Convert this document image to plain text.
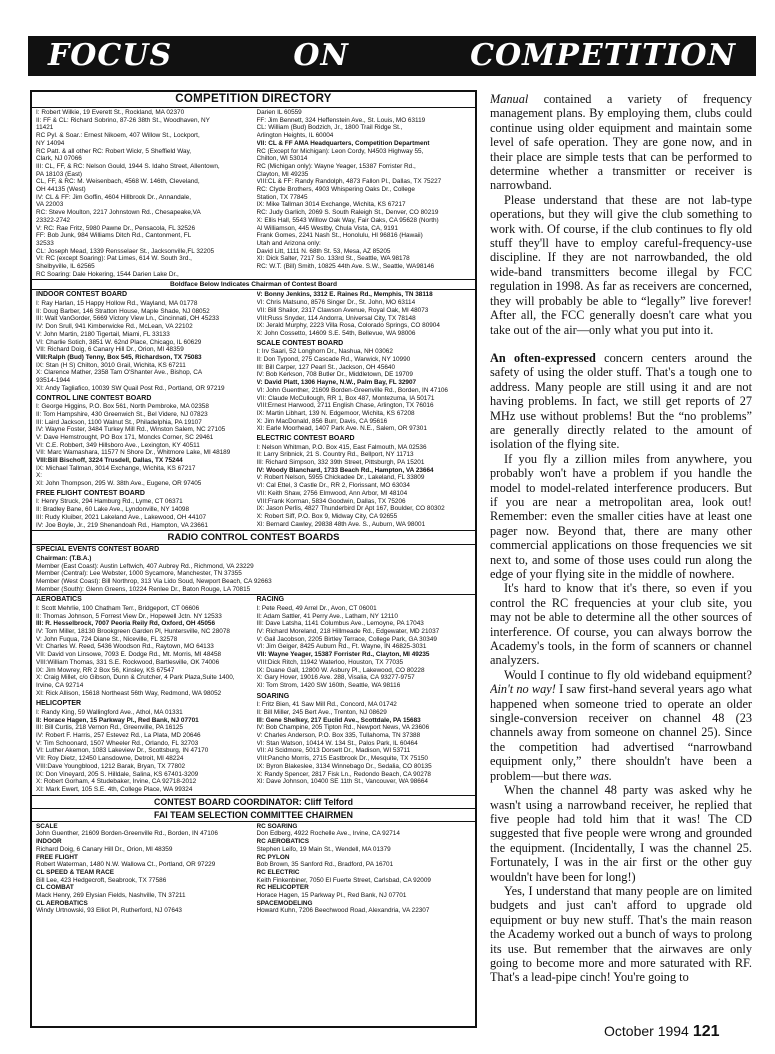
FOCUS	ON	COMPETITION
COMPETITION DIRECTORY
I: Robert Wilkie, 19 Everett St., Rockland, MA 02370
II: FF & CL: Richard Sobrino, 87-26 38th St., Woodhaven, NY
11421
RC Pyl. & Soar.: Ernest Nikoem, 407 Willow St., Lockport,
NY 14094
RC Patt. & all other RC: Robert Wickr, 5 Sheffield Way,
Clark, NJ 07066
III: CL, FF, & RC: Nelson Gould, 1944 S. Idaho Street, Allentown,
PA 18103 (East)
CL, FF, & RC: M. Weisenbach, 4568 W. 146th, Cleveland,
OH 44135 (West)
IV: CL & FF: Jim Goffin, 4604 Hillbrook Dr., Annandale,
VA 22003
RC: Steve Moulton, 2217 Johnstown Rd., Chesapeake,VA
23322-2742
V: RC: Rae Fritz, 5980 Pawne Dr., Pensacola, FL 32526
FF: Bob Junk, 984 Williams Ditch Rd., Cantonment, FL
32533
CL: Joseph Mead, 1339 Rensselaer St., Jacksonville,FL 32205
VI: RC (except Soaring): Pat Limes, 614 W. South 3rd.,
Shelbyville, IL 62565
RC Soaring: Dale Hokering, 1544 Darien Lake Dr.,
Darien IL 60559
FF: Jim Bennett, 324 Heffenstein Ave., St. Louis, MO 63119
CL: William (Bud) Bodzich, Jr., 1800 Trail Ridge St.,
Arlington Heights, IL 60004
VII: CL & FF AMA Headquarters, Competition Department
RC (Except for Michigan): Leon Cordy, N4503 Highway 55,
Chilton, WI 53014
RC (Michigan only): Wayne Yeager, 15387 Forrister Rd.,
Clayton, MI 49235
VIII:CL & FF: Randy Randolph, 4873 Fallon Pl., Dallas, TX 75227
RC: Clyde Brothers, 4903 Whispering Oaks Dr., College
Station, TX 77845
IX: Mike Tallman 3014 Exchange, Wichita, KS 67217
RC: Judy Garlich, 2069 S. South Raleigh St., Denver, CO 80219
X: Ellis Hall, 5543 Willow Oak Way, Fair Oaks, CA 95628 (North)
Al Williamson, 445 Westby, Chula Vista, CA, 9191
Frank Gomes, 2241 Nash St., Honolulu, HI 96816 (Hawaii)
Utah and Arizona only:
David Litt, 1111 N. 68th St. 53, Mesa, AZ 85205
XI: Dick Salter, 7217 So. 133rd St., Seattle, WA 98178
RC: W.T. (Bill) Smith, 10825 44th Ave. S.W., Seattle, WA98146
Boldface Below Indicates Chairman of Contest Board
INDOOR CONTEST BOARD
I: Ray Harlan, 15 Happy Hollow Rd., Wayland, MA 01778
II: Doug Barber, 146 Stratton House, Maple Shade, NJ 08052
III: Walt VanGorder, 5669 Victory View Ln., Cincinnati, OH 45233
IV: Don Srull, 941 Kimberwicke Rd., McLean, VA 22102
V: John Martin, 2180 Tigertail, Miami, FL 33133
VI: Charlie Sotich, 3851 W. 62nd Place, Chicago, IL 60629
VII: Richard Doig, 6 Canary Hill Dr., Orion, MI 48359
VIII:Ralph (Bud) Tenny, Box 545, Richardson, TX 75083
IX: Stan (H S) Chilton, 3010 Grail, Wichita, KS 67211
X: Clarence Mather, 2358 Tam O'Shanter Ave., Bishop, CA
93514-1944
XI: Andy Tagliafico, 10039 SW Quail Post Rd., Portland, OR 97219
CONTROL LINE CONTEST BOARD
I: George Higgins, P.O. Box 561, North Pembroke, MA 02358
II: Tom Hampshire, 430 Greenwich St., Bel Videre, NJ 07823
III: Laird Jackson, 1100 Walnut St., Philadelphia, PA 19107
IV: Wayne Foster, 3484 Turkey Mill Rd., Winston Salem, NC 27105
V: Dave Hemstrought, PO Box 171, Moncks Corner, SC 29461
VI: C.E. Robbert, 349 Hillsboro Ave., Lexington, KY 40511
VII: Marc Wamashara, 11577 N Shore Dr., Whitmore Lake, MI 48189
VIII:Bill Bischoff, 3224 Trusdell, Dallas, TX 75244
IX: Michael Tallman, 3014 Exchange, Wichita, KS 67217
X:
XI: John Thompson, 295 W. 38th Ave., Eugene, OR 97405
FREE FLIGHT CONTEST BOARD
I: Henry Struck, 294 Hamburg Rd., Lyme, CT 06371
II: Bradley Bane, 60 Lake Ave., Lyndonville, NY 14098
III: Rudy Kluiber, 2021 Lakeland Ave., Lakewood, OH 44107
IV: Joe Boyle, Jr., 219 Shenandoah Rd., Hampton, VA 23661
V: Bonny Jenkins, 3312 E. Raines Rd., Memphis, TN 38118
VI: Chris Matsuno, 8576 Singer Dr., St. John, MO 63114
VII: Bill Shailor, 2317 Clawson Avenue, Royal Oak, MI 48073
VIII:Russ Snyder, 114 Andorra, Universal City, TX 78148
IX: Jerald Murphy, 2223 Villa Rosa, Colorado Springs, CO 80904
X: John Cossetto, 14609 S.E. 54th, Bellevue, WA 98006
SCALE CONTEST BOARD
I: Irv Saari, 52 Longhorn Dr., Nashua, NH 03062
II: Don Typond, 275 Cascade Rd., Warwick, NY 10990
III: Bill Carper, 127 Pearl St., Jackson, OH 45640
IV: Bob Kerkson, 708 Butler Dr., Middletown, DE 19709
V: David Platt, 1306 Hayne, N.W., Palm Bay, FL 32907
VI: John Guenther, 21609 Borden-Greenville Rd., Borden, IN 47106
VII: Claude McCullough, RR 1, Box 487, Montezuma, IA 50171
VIII:Ernest Harwood, 2711 English Chase, Arlington, TX 76016
IX: Martin Libhart, 139 N. Edgemoor, Wichita, KS 67208
X: Jim MacDonald, 856 Burr, Davis, CA 95616
XI: Earle Moorhead, 1407 Park Ave. N.E., Salem, OR 97301
ELECTRIC CONTEST BOARD
I: Nelson Whitman, P.O. Box 415, East Falmouth, MA 02536
II: Larry Sribnick, 21 S. Country Rd., Bellport, NY 11713
III: Richard Simpson, 332 39th Street, Pittsburgh, PA 15201
IV: Woody Blanchard, 1733 Beach Rd., Hampton, VA 23664
V: Robert Nelson, 5955 Chickadee Dr., Lakeland, FL 33809
VI: Cal Ettel, 3 Castle Dr., RR 2, Florissant, MO 63034
VII: Keith Shaw, 2756 Elmwood, Ann Arbor, MI 48104
VIII:Frank Korman, 5834 Goodwin, Dallas, TX 75206
IX: Jason Perlis, 4827 Thunderbird Dr Apt 167, Boulder, CO 80302
X: Robert Siff, P.O. Box 9, Midway City, CA 92655
XI: Bernard Cawley, 29838 48th Ave. S., Auburn, WA 98001
RADIO CONTROL CONTEST BOARDS
SPECIAL EVENTS CONTEST BOARD
Chairman: (T.B.A.)
Member (East Coast): Austin Leftwich, 407 Aubrey Rd., Richmond, VA 23229
Member (Central): Lee Webster, 1000 Sycamore, Manchester, TN 37355
Member (West Coast): Bill Northrop, 313 Via Lido Soud, Newport Beach, CA 92663
Member (South): Glenn Greens, 10224 Renlee Dr., Baton Rouge, LA 70815
AEROBATICS
I: Scott Mehrlie, 100 Chatham Terr., Bridgeport, CT 06606
II: Thomas Johnson, 5 Forrest View Dr., Hopewell Jctn. NY 12533
III: R. Hesselbrock, 7007 Peoria Reily Rd, Oxford, OH 45056
IV: Tom Miller, 18130 Brookgreen Garden Pl, Huntersville, NC 28078
V: John Fuqua, 724 Diane St., Niceville, FL 32578
VI: Charles W. Reed, 5436 Woodson Rd., Raytown, MO 64133
VII: David von Linsowe, 7093 E. Dodge Rd., Mt. Morris, MI 48458
VIII:William Thomas, 331 S.E. Rockwood, Bartlesville, OK 74006
IX: Jim Mowrey, RR 2 Box 56, Kinsley, KS 67547
X: Craig Millet, c/o Gibson, Dunn & Crutcher, 4 Park Plaza,Suite 1400,
Irvine, CA 92714
XI: Rick Allison, 15618 Northeast 56th Way, Redmond, WA 98052
HELICOPTER
I: Randy King, 59 Wallingford Ave., Athol, MA 01331
II: Horace Hagen, 15 Parkway Pl., Red Bank, NJ 07701
III: Bill Curtis, 218 Vernon Rd., Greenville, PA 16125
IV: Robert F. Harris, 257 Estevez Rd., La Plata, MD 20646
V: Tim Schoonard, 1507 Wheeler Rd., Orlando, FL 32703
VI: Luther Akemon, 1083 Lakeview Dr., Scottsburg, IN 47170
VII: Roy Dietz, 12450 Lansdowne, Detroit, MI 48224
VIII:Dave Youngblood, 1212 Barak, Bryan, TX 77802
IX: Don Vineyard, 205 S. Hilldale, Salina, KS 67401-3209
X: Robert Gorham, 4 Studebaker, Irvine, CA 92718-2012
XI: Mark Ewert, 105 S.E. 4th, College Place, WA 99324
RACING
I: Pete Reed, 49 Arrel Dr., Avon, CT 06001
II: Adam Sattler, 41 Perry Ave., Latham, NY 12110
III: Dave Latsha, 1141 Columbus Ave., Lemoyne, PA 17043
IV: Richard Moreland, 218 Hillmeade Rd., Edgewater, MD 21037
V: Gail Jacobson, 2205 Birtley Terrace, College Park, GA 30349
VI: Jim Geiger, 8425 Auburn Rd., Ft. Wayne, IN 46825-3031
VII: Wayne Yeager, 15387 Forrister Rd., Clayton, MI 49235
VIII:Dick Ritch, 11942 Waterloo, Houston, TX 77035
IX: Duane Gall, 12800 W. Asbury Pl., Lakewood, CO 80228
X: Gary Hover, 19016 Ave. 288, Visalia, CA 93277-9757
XI: Tom Strom, 1420 SW 160th, Seattle, WA 98116
SOARING
I: Fritz Bien, 41 Saw Mill Rd., Concord, MA 01742
II: Bill Miller, 245 Bert Ave., Trenton, NJ 08629
III: Gene Shelkey, 217 Euclid Ave., Scottdale, PA 15683
IV: Bob Champine, 205 Tipton Rd., Newport News, VA 23606
V: Charles Anderson, P.O. Box 335, Tullahoma, TN 37388
VI: Stan Watson, 10414 W. 134 St., Palos Park, IL 60464
VII: Al Scidmore, 5013 Dorsett Dr., Madison, WI 53711
VIII:Pancho Morris, 2715 Eastbrook Dr., Mesquite, TX 75150
IX: Byron Blakeslee, 3134 Winnebago Dr., Sedalia, CO 80135
X: Randy Spencer, 2817 Fisk Ln., Redondo Beach, CA 90278
XI: Dave Johnson, 10400 SE 11th St., Vancouver, WA 98664
CONTEST BOARD COORDINATOR: Cliff Telford
FAI TEAM SELECTION COMMITTEE CHAIRMEN
SCALE
John Guenther, 21609 Borden-Greenville Rd., Borden, IN 47106
INDOOR
Richard Doig, 6 Canary Hill Dr., Orion, MI 48359
FREE FLIGHT
Robert Waterman, 1480 N.W. Wallowa Ct., Portland, OR 97229
CL SPEED & TEAM RACE
Bill Lee, 423 Hedgecroft, Seabrook, TX 77586
CL COMBAT
Mack Henry, 269 Elysian Fields, Nashville, TN 37211
CL AEROBATICS
Windy Urtnowski, 93 Elliot Pl, Rutherford, NJ 07643
RC SOARING
Don Edberg, 4922 Rochelle Ave., Irvine, CA 92714
RC AEROBATICS
Stephen Leifo, 19 Main St., Wendell, MA 01379
RC PYLON
Bob Brown, 35 Sanford Rd., Bradford, PA 16701
RC ELECTRIC
Keith Finkenbiner, 7050 El Fuerte Street, Carlsbad, CA 92009
RC HELICOPTER
Horace Hagen, 15 Parkway Pl., Red Bank, NJ 07701
SPACEMODELING
Howard Kuhn, 7206 Beechwood Road, Alexandria, VA 22307

Manual contained a variety of frequency management plans. By employing them, clubs could continue using older equipment and maintain some level of safe operation. They are gone now, and in their place are simple tests that can be performed to determine whether a transmitter or receiver is narrowband.

Please understand that these are not lab-type operations, but they will give the club something to work with. Of course, if the club continues to fly old stuff they'll have to employ careful-frequency-use discipline. If they are not narrowbanded, the old wide-band transmitters become illegal by FCC regulation in 1998. As far as receivers are concerned, they will probably be able to “legally” live forever! After all, the FCC generally doesn't care what you take out of the air—only what you put into it.

An often-expressed concern centers around the safety of using the older stuff. That's a tough one to address. Many people are still using it and are not having problems. In fact, we still get reports of 27 MHz use without problems! But the “no problems” are generally directly related to the amount of isolation of the flying site.

If you fly a zillion miles from anywhere, you probably won't have a problem if you handle the model to model-related interference producers. But if you are near a metropolitan area, look out! Remember: even the smaller cities have at least one pager now. Beyond that, there are many other commercial applications on those frequencies we sit next to, and some of those uses could run along the edge of your flying site in the middle of nowhere.

It's hard to know that it's there, so even if you control the RC frequencies at your club site, you may not be able to determine all the other sources of interference. Of course, you can always borrow the Academy's tools, in the form of scanners or channel analyzers.

Would I continue to fly old wideband equipment? Ain't no way! I saw first-hand several years ago what happened when someone tried to operate an older single-conversion receiver on channel 48 (23 channels away from someone on channel 25). Since the competition had advertised “narrowband equipment only,” there shouldn't have been a problem—but there was.

When the channel 48 party was asked why he wasn't using a narrowband receiver, he replied that five people had told him that it was! The CD suggested that five people were wrong and grounded the equipment. (Incidentally, I was the channel 25. Fortunately, I was in the air first or the other guy wouldn't have been for long!)

Yes, I understand that many people are on limited budgets and just can't afford to upgrade old equipment or buy new stuff. That's the main reason the Academy worked out a bunch of ways to prolong its use. But remember that the airwaves are only going to become more and more saturated with RF. That's a lead-pipe cinch! You're going to

October 1994 121
